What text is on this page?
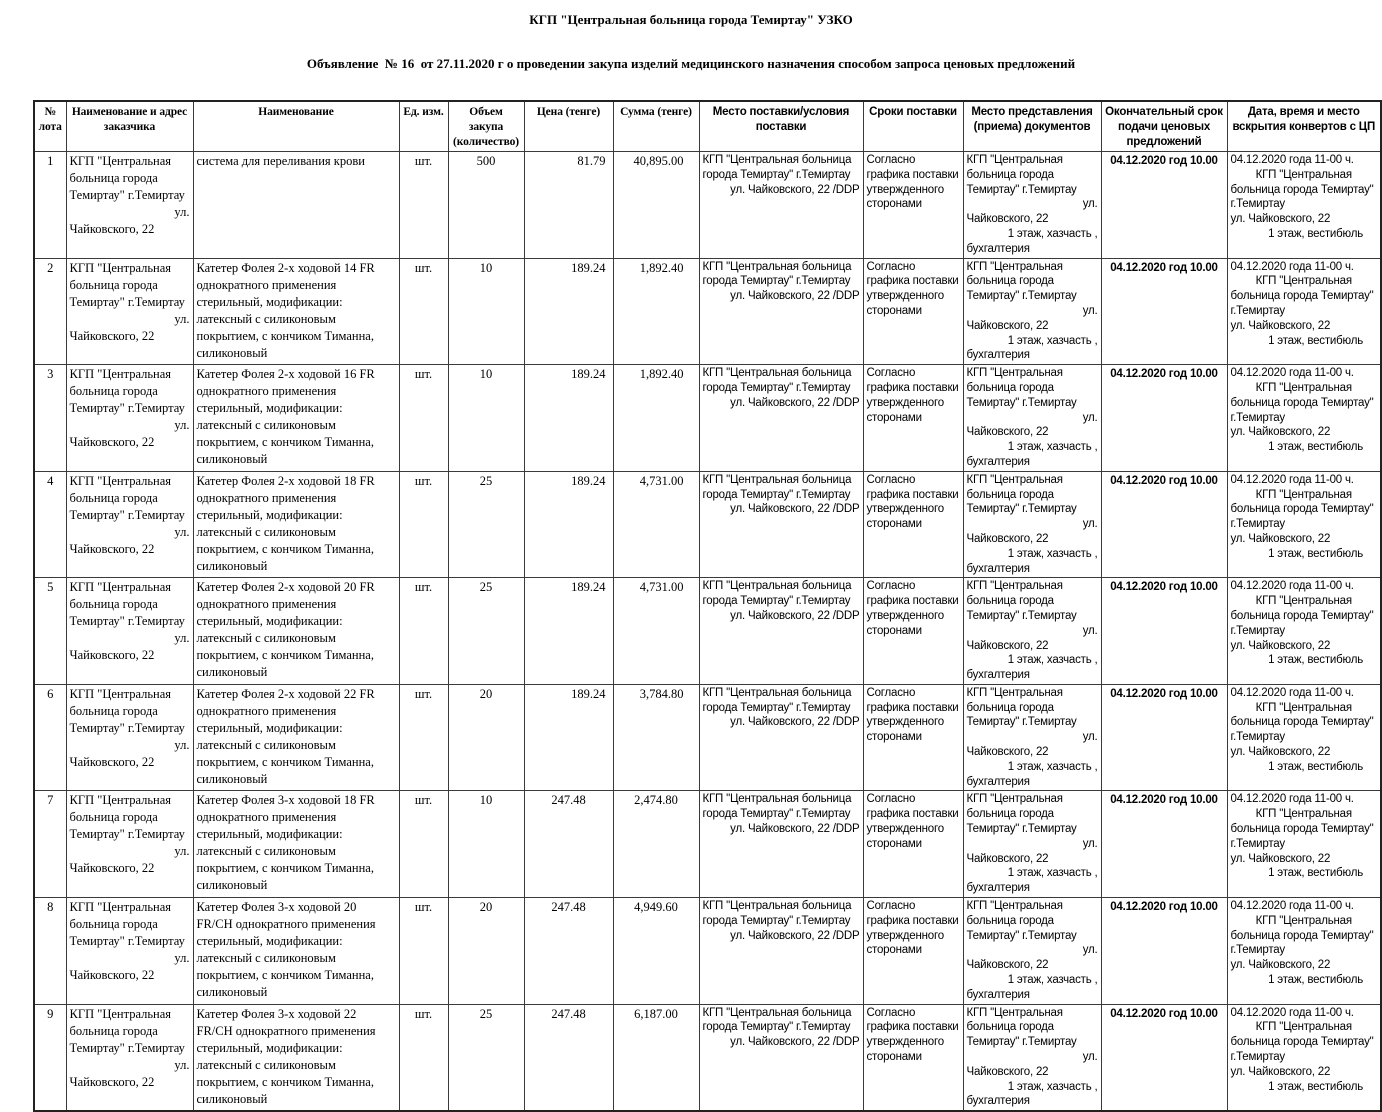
КГП "Центральная больница города Темиртау" УЗКО
Объявление  № 16  от 27.11.2020 г о проведении закупа изделий медицинского назначения способом запроса ценовых предложений
№ лота	Наименование и адрес заказчика	Наименование	Ед. изм.	Объем закупа (количество)	Цена (тенге)	Сумма (тенге)	Место поставки/условия поставки	Сроки поставки	Место представления (приема) документов	Окончательный срок подачи ценовых предложений	Дата, время и место вскрытия конвертов с ЦП
1	КГП "Центральная больница города Темиртау" г.Темиртау
ул.
Чайковского, 22
	система для переливания крови	шт.	500	81.79	40,895.00	КГП "Центральная больница города Темиртау" г.Темиртау
ул. Чайковского, 22 /DDP
	Согласно графика поставки утвержденного сторонами	
КГП "Центральная больница города Темиртау" г.Темиртау
ул.
Чайковского, 22
1 этаж, хазчасть ,
бухгалтерия
	04.12.2020 год 10.00	04.12.2020 года 11-00 ч.
КГП "Центральная
больница города Темиртау"
г.Темиртау
ул. Чайковского, 22
1 этаж, вестибюль

2	КГП "Центральная больница города Темиртау" г.Темиртау
ул.
Чайковского, 22
	Катетер Фолея 2-х ходовой 14 FR однократного применения стерильный, модификации: латексный с силиконовым покрытием, с кончиком Тиманна, силиконовый	шт.	10	189.24	1,892.40	КГП "Центральная больница города Темиртау" г.Темиртау
ул. Чайковского, 22 /DDP
	Согласно графика поставки утвержденного сторонами	
КГП "Центральная больница города Темиртау" г.Темиртау
ул.
Чайковского, 22
1 этаж, хазчасть ,
бухгалтерия
	04.12.2020 год 10.00	04.12.2020 года 11-00 ч.
КГП "Центральная
больница города Темиртау"
г.Темиртау
ул. Чайковского, 22
1 этаж, вестибюль

3	КГП "Центральная больница города Темиртау" г.Темиртау
ул.
Чайковского, 22
	Катетер Фолея 2-х ходовой 16 FR однократного применения стерильный, модификации: латексный с силиконовым покрытием, с кончиком Тиманна, силиконовый	шт.	10	189.24	1,892.40	КГП "Центральная больница города Темиртау" г.Темиртау
ул. Чайковского, 22 /DDP
	Согласно графика поставки утвержденного сторонами	
КГП "Центральная больница города Темиртау" г.Темиртау
ул.
Чайковского, 22
1 этаж, хазчасть ,
бухгалтерия
	04.12.2020 год 10.00	04.12.2020 года 11-00 ч.
КГП "Центральная
больница города Темиртау"
г.Темиртау
ул. Чайковского, 22
1 этаж, вестибюль

4	КГП "Центральная больница города Темиртау" г.Темиртау
ул.
Чайковского, 22
	Катетер Фолея 2-х ходовой 18 FR однократного применения стерильный, модификации: латексный с силиконовым покрытием, с кончиком Тиманна, силиконовый	шт.	25	189.24	4,731.00	КГП "Центральная больница города Темиртау" г.Темиртау
ул. Чайковского, 22 /DDP
	Согласно графика поставки утвержденного сторонами	
КГП "Центральная больница города Темиртау" г.Темиртау
ул.
Чайковского, 22
1 этаж, хазчасть ,
бухгалтерия
	04.12.2020 год 10.00	04.12.2020 года 11-00 ч.
КГП "Центральная
больница города Темиртау"
г.Темиртау
ул. Чайковского, 22
1 этаж, вестибюль

5	КГП "Центральная больница города Темиртау" г.Темиртау
ул.
Чайковского, 22
	Катетер Фолея 2-х ходовой 20 FR однократного применения стерильный, модификации: латексный с силиконовым покрытием, с кончиком Тиманна, силиконовый	шт.	25	189.24	4,731.00	КГП "Центральная больница города Темиртау" г.Темиртау
ул. Чайковского, 22 /DDP
	Согласно графика поставки утвержденного сторонами	
КГП "Центральная больница города Темиртау" г.Темиртау
ул.
Чайковского, 22
1 этаж, хазчасть ,
бухгалтерия
	04.12.2020 год 10.00	04.12.2020 года 11-00 ч.
КГП "Центральная
больница города Темиртау"
г.Темиртау
ул. Чайковского, 22
1 этаж, вестибюль

6	КГП "Центральная больница города Темиртау" г.Темиртау
ул.
Чайковского, 22
	Катетер Фолея 2-х ходовой 22 FR однократного применения стерильный, модификации: латексный с силиконовым покрытием, с кончиком Тиманна, силиконовый	шт.	20	189.24	3,784.80	КГП "Центральная больница города Темиртау" г.Темиртау
ул. Чайковского, 22 /DDP
	Согласно графика поставки утвержденного сторонами	
КГП "Центральная больница города Темиртау" г.Темиртау
ул.
Чайковского, 22
1 этаж, хазчасть ,
бухгалтерия
	04.12.2020 год 10.00	04.12.2020 года 11-00 ч.
КГП "Центральная
больница города Темиртау"
г.Темиртау
ул. Чайковского, 22
1 этаж, вестибюль

7	КГП "Центральная больница города Темиртау" г.Темиртау
ул.
Чайковского, 22
	Катетер Фолея 3-х ходовой 18 FR однократного применения стерильный, модификации: латексный с силиконовым покрытием, с кончиком Тиманна, силиконовый	шт.	10	247.48	2,474.80	КГП "Центральная больница города Темиртау" г.Темиртау
ул. Чайковского, 22 /DDP
	Согласно графика поставки утвержденного сторонами	
КГП "Центральная больница города Темиртау" г.Темиртау
ул.
Чайковского, 22
1 этаж, хазчасть ,
бухгалтерия
	04.12.2020 год 10.00	04.12.2020 года 11-00 ч.
КГП "Центральная
больница города Темиртау"
г.Темиртау
ул. Чайковского, 22
1 этаж, вестибюль

8	КГП "Центральная больница города Темиртау" г.Темиртау
ул.
Чайковского, 22
	Катетер Фолея 3-х ходовой 20 FR/CH однократного применения стерильный, модификации: латексный с силиконовым покрытием, с кончиком Тиманна, силиконовый	шт.	20	247.48	4,949.60	КГП "Центральная больница города Темиртау" г.Темиртау
ул. Чайковского, 22 /DDP
	Согласно графика поставки утвержденного сторонами	
КГП "Центральная больница города Темиртау" г.Темиртау
ул.
Чайковского, 22
1 этаж, хазчасть ,
бухгалтерия
	04.12.2020 год 10.00	04.12.2020 года 11-00 ч.
КГП "Центральная
больница города Темиртау"
г.Темиртау
ул. Чайковского, 22
1 этаж, вестибюль

9	КГП "Центральная больница города Темиртау" г.Темиртау
ул.
Чайковского, 22
	Катетер Фолея 3-х ходовой 22 FR/CH однократного применения стерильный, модификации: латексный с силиконовым покрытием, с кончиком Тиманна, силиконовый	шт.	25	247.48	6,187.00	КГП "Центральная больница города Темиртау" г.Темиртау
ул. Чайковского, 22 /DDP
	Согласно графика поставки утвержденного сторонами	
КГП "Центральная больница города Темиртау" г.Темиртау
ул.
Чайковского, 22
1 этаж, хазчасть ,
бухгалтерия
	04.12.2020 год 10.00	04.12.2020 года 11-00 ч.
КГП "Центральная
больница города Темиртау"
г.Темиртау
ул. Чайковского, 22
1 этаж, вестибюль
